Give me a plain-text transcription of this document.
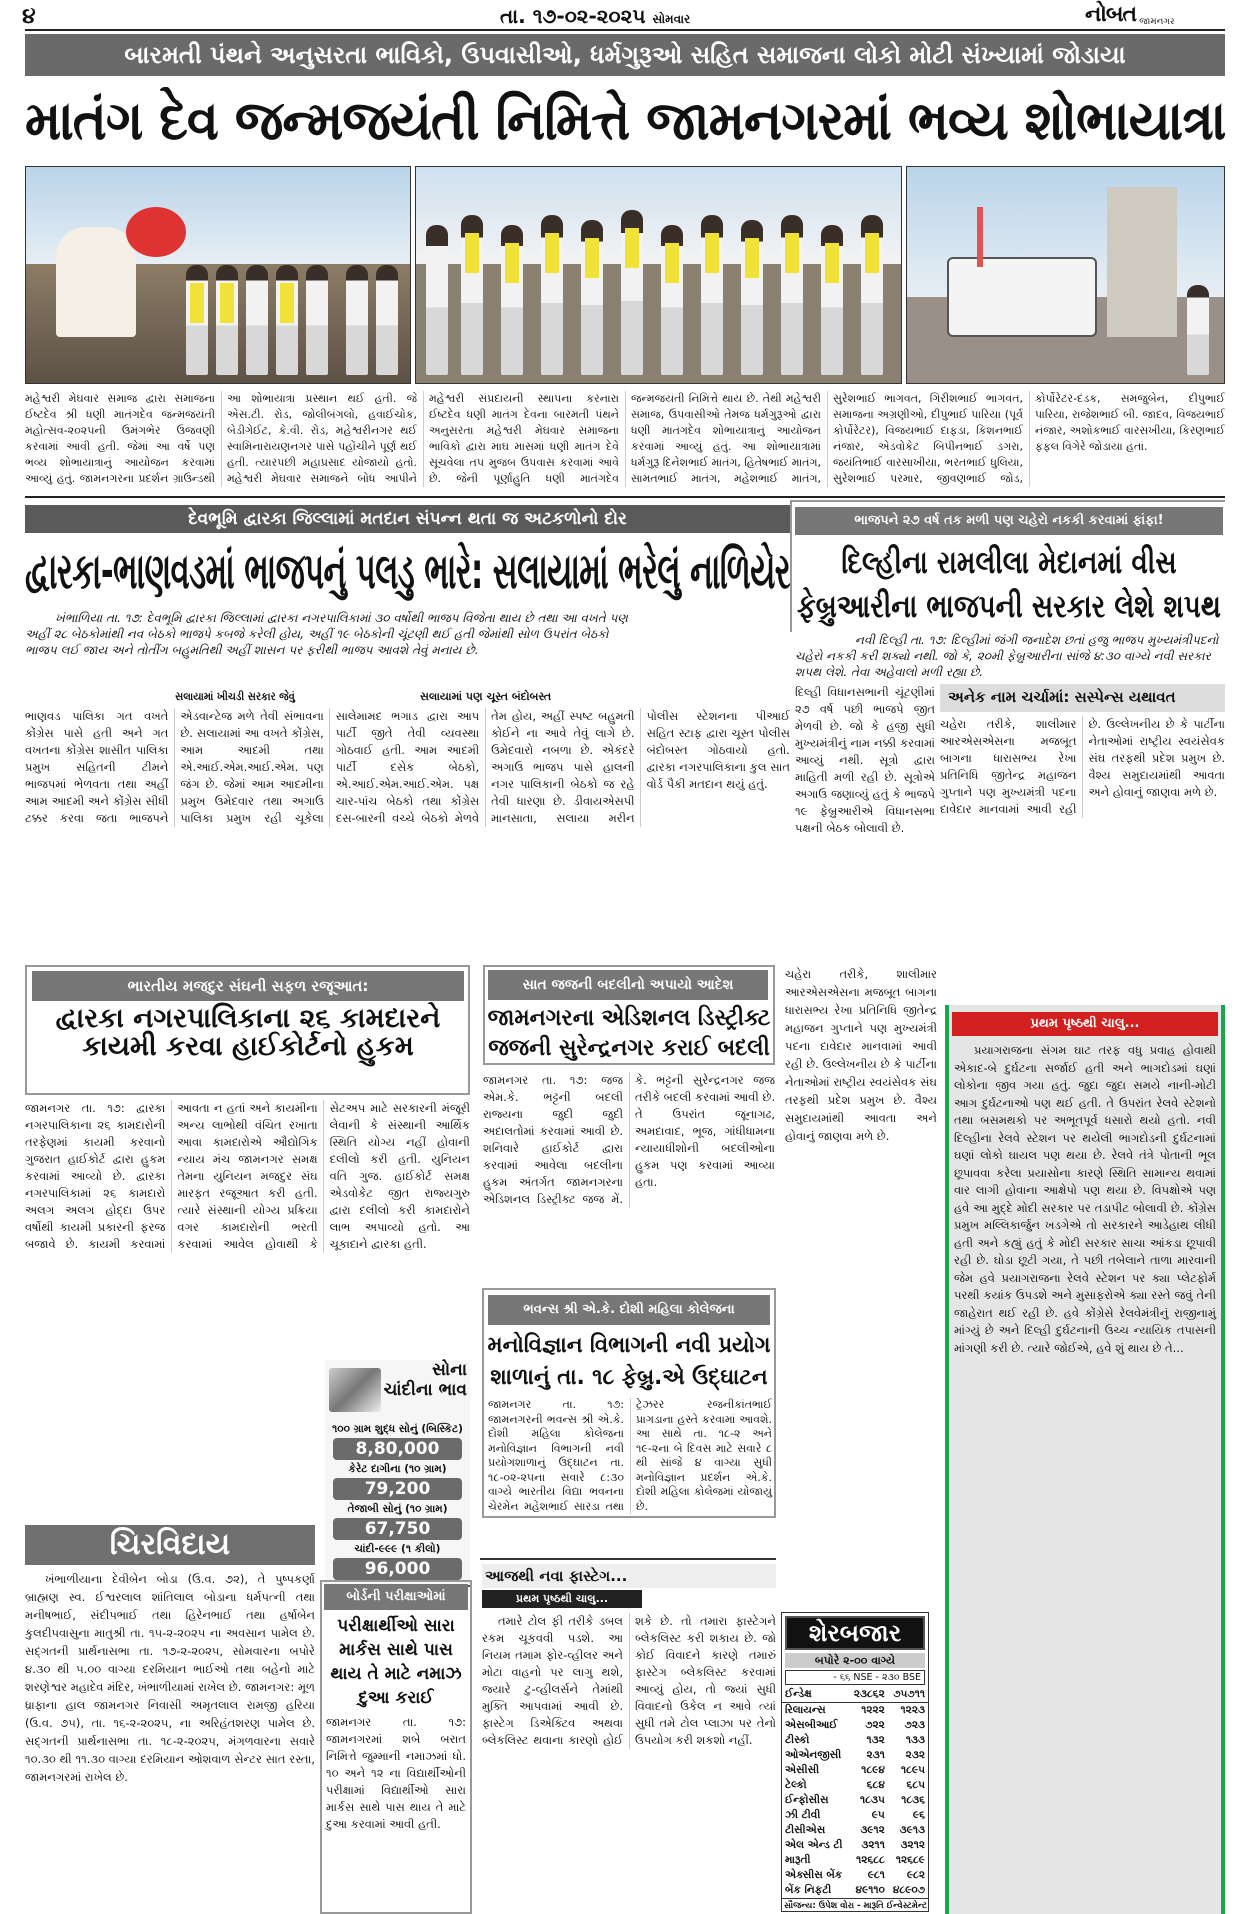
૪	તા. ૧૭-૦૨-૨૦૨૫ સોમવાર	નોબત જામનગર
બારમતી પંથને અનુસરતા ભાવિકો, ઉપવાસીઓ, ધર્મગુરૂઓ સહિત સમાજના લોકો મોટી સંખ્યામાં જોડાયા
માતંગ દેવ જન્મજયંતી નિમિત્તે જામનગરમાં ભવ્ય શોભાયાત્રા
મહેશ્વરી મેઘવાર સમાજ દ્વારા સમાજના ઈષ્ટદેવ શ્રી ધણી માતંગદેવ જન્મજયંતી મહોત્સવ-૨૦૨૫ની ઉમંગભેર ઉજવણી કરવામાં આવી હતી. જેમાં આ વર્ષે પણ ભવ્ય શોભાયાત્રાનું આયોજન કરવામાં આવ્યું હતું. જામનગરના પ્રદર્શન ગ્રાઉન્ડથી આ શોભાયાત્રા પ્રસ્થાન થઈ હતી. જે એસ.ટી. રોડ, જોલીબંગલો, હવાઈચોક, બેડીગેઈટ, કે.વી. રોડ, મહેશ્વરીનગર થઈ સ્વામિનારાયણનગર પાસે પહોંચીને પૂર્ણ થઈ હતી. ત્યારપછી મહાપ્રસાદ યોજાયો હતો. મહેશ્વરી મેઘવાર સમાજને બોધ આપીને મહેશ્વરી સંપ્રદાયની સ્થાપના કરનારા ઈષ્ટદેવ ધણી માતંગ દેવના બારમતી પંથને અનુસરતા મહેશ્વરી મેઘવાર સમાજના ભાવિકો દ્વારા માઘ માસમાં ધણી માતંગ દેવે સૂચવેલા તપ મુજબ ઉપવાસ કરવામાં આવે છે. જેની પૂર્ણાહુતિ ધણી માતંગદેવ જન્મજયંતી નિમિત્તે થાય છે. તેથી મહેશ્વરી સમાજ, ઉપવાસીઓ તેમજ ધર્મગુરૂઓ દ્વારા ધણી માતંગદેવ શોભાયાત્રાનું આયોજન કરવામાં આવ્યું હતું. આ શોભાયાત્રામાં ધર્મગુરૂ દિનેશભાઈ માતંગ, હિતેષભાઈ માતંગ, સામતભાઈ માતંગ, મહેશભાઈ માતંગ, સુરેશભાઈ ભાગવત, ગિરીશભાઈ ભાગવત, સમાજના અગ્રણીઓ, દીપુભાઈ પારિયા (પૂર્વ કોર્પોરેટર), વિજયભાઈ દાફડા, કિશનભાઈ નંજાર, એડવોકેટ બિપીનભાઈ ડગરા, જયંતિભાઈ વારસાખીયા, ભરતભાઈ ધુલિયા, સુરેશભાઈ પરમાર, જીવણભાઈ જોડ, કોર્પોરેટર-દંડક, સમજુબેન, દીપુભાઈ પારિયા, રાજેશભાઈ બી. જાદવ, વિજયભાઈ નંજાર, અશોકભાઈ વારસખીયા, કિરણભાઈ ફફલ વિગેરે જોડાયા હતાં.
દેવભૂમિ દ્વારકા જિલ્લામાં મતદાન સંપન્ન થતા જ અટકળોનો દોર
દ્વારકા-ભાણવડમાં ભાજપનું પલડુ ભારે: સલાયામાં ભરેલું નાળિયેર
ખંભાળિયા તા. ૧૭: દેવભૂમિ દ્વારકા જિલ્લામાં દ્વારકા નગરપાલિકામાં ૩૦ વર્ષોથી ભાજપ વિજેતા થાય છે તથા આ વખતે પણ અહીં ૨૮ બેઠકોમાંથી નવ બેઠકો ભાજપે કબજે કરેલી હોય, અહીં ૧૯ બેઠકોની ચૂંટણી થઈ હતી જેમાંથી સોળ ઉપરાંત બેઠકો ભાજપ લઈ જાય અને તોતીંગ બહુમતિથી અહીં શાસન પર ફરીથી ભાજપ આવશે તેવું મનાય છે.
સલાયામાં ખીચડી સરકાર જેવું	સલાયામાં પણ ચૂસ્ત બંદોબસ્ત
ભાણવડ પાલિકા ગત વખતે કોંગ્રેસ પાસે હતી અને ગત વખતના કોંગ્રેસ શાસીત પાલિકા પ્રમુખ સહિતની ટીમને ભાજપમાં ભેળવતા તથા અહીં આમ આદમી અને કોંગ્રેસ સીધી ટક્કર કરવા જતા ભાજપને એડવાન્ટેજ મળે તેવી સંભાવના છે. સલાયામાં આ વખતે કોંગ્રેસ, આમ આદમી તથા એ.આઈ.એમ.આઈ.એમ. પણ જંગ છે. જેમાં આમ આદમીના પ્રમુખ ઉમેદવાર તથા અગાઉ પાલિકા પ્રમુખ રહી ચૂકેલા સાલેમામદ ભગાડ દ્વારા આપ પાર્ટી જીતે તેવી વ્યવસ્થા ગોઠવાઈ હતી. આમ આદમી પાર્ટી દસેક બેઠકો, એ.આઈ.એમ.આઈ.એમ. પક્ષ ચાર-પાંચ બેઠકો તથા કોંગ્રેસ દસ-બારની વચ્ચે બેઠકો મેળવે તેમ હોય, અહીં સ્પષ્ટ બહુમતી કોઈને ના આવે તેવું લાગે છે. ઉમેદવારો નબળા છે. એકંદરે અગાઉ ભાજપ પાસે હાલની નગર પાલિકાની બેઠકો જ રહે તેવી ધારણા છે. ડીવાયએસપી માનસાતા, સલાયા મરીન પોલીસ સ્ટેશનના પીઆઈ સહિત સ્ટાફ દ્વારા ચૂસ્ત પોલીસ બંદોબસ્ત ગોઠવાયો હતો. દ્વારકા નગરપાલિકાના કુલ સાત વોર્ડ પૈકી મતદાન થયું હતું.
ભાજપને ૨૭ વર્ષ તક મળી પણ ચહેરો નકકી કરવામાં ફાંફા!
દિલ્હીના રામલીલા મેદાનમાં વીસ ફેબ્રુઆરીના ભાજપની સરકાર લેશે શપથ
નવી દિલ્હી તા. ૧૭: દિલ્હીમાં જંગી જનાદેશ છતાં હજુ ભાજપ મુખ્યમંત્રીપદનો ચહેરો નકકી કરી શક્યો નથી. જો કે, ૨૦મી ફેબ્રુઆરીના સાંજે ૪:૩૦ વાગ્યે નવી સરકાર શપથ લેશે. તેવા અહેવાલો મળી રહ્યા છે.
દિલ્હી વિધાનસભાની ચૂંટણીમાં ૨૭ વર્ષ પછી ભાજપે જીત મેળવી છે. જો કે હજી સુધી મુખ્યમંત્રીનું નામ નક્કી કરવામાં આવ્યું નથી. સૂત્રો દ્વારા માહિતી મળી રહી છે. સૂત્રોએ અગાઉ જણાવ્યું હતું કે ભાજપે ૧૯ ફેબ્રુઆરીએ વિધાનસભા પક્ષની બેઠક બોલાવી છે.
અનેક નામ ચર્ચામાં: સસ્પેન્સ યથાવત
ચહેરા તરીકે, શાલીમાર આરએસએસના મજબૂત બાગના ધારાસભ્ય રેખા પ્રતિનિધિ જીતેન્દ્ર મહાજન ગુપ્તાને પણ મુખ્યમંત્રી પદના દાવેદાર માનવામાં આવી રહી છે. ઉલ્લેખનીય છે કે પાર્ટીના નેતાઓમાં રાષ્ટ્રીય સ્વયંસેવક સંઘ તરફથી પ્રદેશ પ્રમુખ છે. વૈશ્ય સમુદાયમાંથી આવતા અને હોવાનું જાણવા મળે છે.
ભારતીય મજદુર સંઘની સફળ રજૂઆત:
દ્વારકા નગરપાલિકાના ૨૬ કામદારને કાયમી કરવા હાઈકોર્ટનો હુકમ
જામનગર તા. ૧૭: દ્વારકા નગરપાલિકાના ૨૬ કામદારોની તરફેણમાં કાયમી કરવાનો ગુજરાત હાઈકોર્ટ દ્વારા હુકમ કરવામાં આવ્યો છે. દ્વારકા નગરપાલિકામાં ૨૬ કામદારો અલગ અલગ હોદ્દા ઉપર વર્ષોથી કાયમી પ્રકારની ફરજ બજાવે છે. કાયમી કરવામાં આવતા ન હતાં અને કાયમીના અન્ય લાભોથી વંચિત રખાતા આવા કામદારોએ ઔદ્યોગિક ન્યાય મંચ જામનગર સમક્ષ તેમના યુનિયન મજદુર સંઘ મારફત રજૂઆત કરી હતી. ત્યારે સંસ્થાની યોગ્ય પ્રક્રિયા વગર કામદારોની ભરતી કરવામાં આવેલ હોવાથી કે સેટઅપ માટે સરકારની મંજૂરી લેવાની કે સંસ્થાની આર્થિક સ્થિતિ યોગ્ય નહીં હોવાની દલીલો કરી હતી. યુનિયન વતિ ગુજ. હાઈકોર્ટ સમક્ષ એડવોકેટ જીત રાજ્યગુરુ દ્વારા દલીલો કરી કામદારોને લાભ અપાવ્યો હતો. આ ચૂકાદાને દ્વારકા હતી.
સાત જજની બદલીનો અપાયો આદેશ
જામનગરના એડિશનલ ડિસ્ટ્રીક્ટ જજની સુરેન્દ્રનગર કરાઈ બદલી
જામનગર તા. ૧૭: જજ એમ.કે. ભટ્ટની બદલી રાજ્યના જુદી જુદી અદાલતોમાં કરવામાં આવી છે. શનિવારે હાઈકોર્ટ દ્વારા કરવામાં આવેલા બદલીના હુકમ અંતર્ગત જામનગરના એડિશનલ ડિસ્ટ્રીક્ટ જજ મેં. કે. ભટ્ટની સુરેન્દ્રનગર જજ તરીકે બદલી કરવામાં આવી છે. તે ઉપરાંત જૂનાગઢ, અમદાવાદ, ભૂજ, ગાંધીધામના ન્યાયાધીશોની બદલીઓના હુકમ પણ કરવામાં આવ્યા હતા.
ભવન્સ શ્રી એ.કે. દોશી મહિલા કોલેજના
મનોવિજ્ઞાન વિભાગની નવી પ્રયોગ શાળાનું તા. ૧૮ ફેબ્રુ.એ ઉદ્ઘાટન
જામનગર તા. ૧૭: જામનગરની ભવન્સ શ્રી એ.કે. દોશી મહિલા કોલેજના મનોવિજ્ઞાન વિભાગની નવી પ્રયોગશાળાનું ઉદ્ઘાટન તા. ૧૮-૦૨-૨૫ના સવારે ૮:૩૦ વાગ્યે ભારતીય વિદ્યા ભવનના ચેરમેન મહેશભાઈ સારડા તથા ટ્રેઝરર રજનીકાંતભાઈ પ્રાગડાના હસ્તે કરવામાં આવશે. આ સાથે તા. ૧૮-૨ અને ૧૯-૨ના બે દિવસ માટે સવારે ૮ થી સાંજે ૪ વાગ્યા સુધી મનોવિજ્ઞાન પ્રદર્શન એ.કે. દોશી મહિલા કોલેજમાં યોજાયું છે.
સોના ચાંદીના ભાવ
૧૦૦ ગ્રામ શુદ્ધ સોનું (બિસ્કિટ)
8,80,000
કેરેટ દાગીના (૧૦ ગ્રામ)
79,200
તેજાબી સોનું (૧૦ ગ્રામ)
67,750
ચાંદી-૯૯૯ (૧ કીલો)
96,000
ચિરવિદાય
ખંભાળીયાના દેવીબેન બોડા (ઉ.વ. ૭૨), તે પુષ્પકર્ણા બ્રાહ્મણ સ્વ. ઈશ્વરલાલ શાંતિલાલ બોડાના ધર્મપત્ની તથા મનીષભાઈ, સંદીપભાઈ તથા હિરેનભાઈ તથા હર્ષાબેન કુલદીપવાસુના માતુશ્રી તા. ૧૫-૨-૨૦૨૫ ના અવસાન પામેલ છે. સદ્ગતની પ્રાર્થનાસભા તા. ૧૭-૨-૨૦૨૫, સોમવારના બપોરે ૪.૩૦ થી ૫.૦૦ વાગ્યા દરમિયાન ભાઈઓ તથા બહેનો માટે શરણેશ્વર મહાદેવ મંદિર, ખંભાળીયામાં રાખેલ છે. જામનગર: મૂળ ધ્રાફાના હાલ જામનગર નિવાસી અમૃતલાલ રામજી હરિયા (ઉ.વ. ૭૫), તા. ૧૬-૨-૨૦૨૫, ના અરિહંતશરણ પામેલ છે. સદ્ગતની પ્રાર્થનાસભા તા. ૧૮-૨-૨૦૨૫, મંગળવારના સવારે ૧૦.૩૦ થી ૧૧.૩૦ વાગ્યા દરમિયાન ઓશવાળ સેન્ટર સાત રસ્તા, જામનગરમાં રાખેલ છે.
બોર્ડની પરીક્ષાઓમાં
પરીક્ષાર્થીઓ સારા માર્કસ સાથે પાસ થાય તે માટે નમાઝ દુઆ કરાઈ
જામનગર તા. ૧૭: જામનગરમાં શબે બરાત નિમિત્તે જુમ્માની નમાઝમાં ધો. ૧૦ અને ૧૨ ના વિદ્યાર્થીઓની પરીક્ષામાં વિદ્યાર્થીઓ સારા માર્કસ સાથે પાસ થાય તે માટે દુઆ કરવામાં આવી હતી.
આજથી નવા ફાસ્ટેગ...
પ્રથમ પૃષ્ઠથી ચાલુ...
તમારે ટોલ ફી તરીકે ડબલ રકમ ચૂકવવી પડશે. આ નિયમ તમામ ફોર-વ્હીલર અને મોટા વાહનો પર લાગુ થશે, જ્યારે ટુ-વ્હીલર્સને તેમાંથી મુક્તિ આપવામાં આવી છે. ફાસ્ટેગ ડિએક્ટિવ અથવા બ્લેકલિસ્ટ થવાના કારણો હોઈ શકે છે. તો તમારા ફાસ્ટેગને બ્લેકલિસ્ટ કરી શકાય છે. જો કોઈ વિવાદને કારણે તમારું ફાસ્ટેગ બ્લેકલિસ્ટ કરવામાં આવ્યું હોય, તો જ્યાં સુધી વિવાદનો ઉકેલ ન આવે ત્યાં સુધી તમે ટોલ પ્લાઝા પર તેનો ઉપયોગ કરી શકશો નહીં.
પ્રથમ પૃષ્ઠથી ચાલુ...
પ્રયાગરાજના સંગમ ઘાટ તરફ વધુ પ્રવાહ હોવાથી એકાદ-બે દુર્ઘટના સર્જાઈ હતી અને ભાગદોડમાં ઘણાં લોકોના જીવ ગયા હતું. જુદા જુદા સમયે નાની-મોટી આગ દુર્ઘટનાઓ પણ થઈ હતી. તે ઉપરાંત રેલવે સ્ટેશનો તથા બસમથકો પર અભૂતપૂર્વ ધસારો થયો હતો. નવી દિલ્હીના રેલવે સ્ટેશન પર થયેલી ભાગદોડની દુર્ઘટનામાં ઘણાં લોકો ઘાયલ પણ થયા છે. રેલવે તંત્રે પોતાની ભૂલ છૂપાવવા કરેલા પ્રયાસોના કારણે સ્થિતિ સામાન્ય થવામાં વાર લાગી હોવાના આક્ષેપો પણ થયા છે. વિપક્ષોએ પણ હવે આ મુદ્દે મોદી સરકાર પર તડાપીટ બોલાવી છે. કોંગ્રેસ પ્રમુખ મલ્લિકાર્જુન ખડગેએ તો સરકારને આડેહાથ લીધી હતી અને કહ્યું હતું કે મોદી સરકાર સાચા આંકડા છૂપાવી રહી છે. ઘોડા છૂટી ગયા, તે પછી તબેલાને તાળા મારવાની જેમ હવે પ્રયાગરાજના રેલવે સ્ટેશન પર ક્યા પ્લેટફોર્મ પરથી કયાંક ઉપડશે અને મુસાફરોએ ક્યા રસ્તે જવું તેની જાહેરાત થઈ રહી છે. હવે કોંગ્રેસે રેલવેમંત્રીનું રાજીનામું માંગ્યું છે અને દિલ્હી દુર્ઘટનાની ઉચ્ચ ન્યાયિક તપાસની માંગણી કરી છે. ત્યારે જોઈએ, હવે શું થાય છે તે...
ચહેરા તરીકે, શાલીમાર આરએસએસના મજબૂત બાગના ધારાસભ્ય રેખા પ્રતિનિધિ જીતેન્દ્ર મહાજન ગુપ્તાને પણ મુખ્યમંત્રી પદના દાવેદાર માનવામાં આવી રહી છે. ઉલ્લેખનીય છે કે પાર્ટીના નેતાઓમાં રાષ્ટ્રીય સ્વયંસેવક સંઘ તરફથી પ્રદેશ પ્રમુખ છે. વૈશ્ય સમુદાયમાંથી આવતા અને હોવાનું જાણવા મળે છે.
શેરબજાર
બપોરે ૨-૦૦ વાગ્યે
- ૬૬ NSE - ૨૩૦ BSE
ઈન્ડેક્ષ	૨૩૮૬૨	૭૫૭૧૧
રિલાયન્સ	૧૨૨૨	૧૨૨૩
એસબીઆઈ	૭૨૨	૭૨૩
ટીસ્કો	૧૩૨	૧૩૩
ઓએનજીસી	૨૩૧	૨૩૨
એસીસી	૧૮૯૪	૧૮૯૫
ટેલ્કો	૬૮૪	૬૮૫
ઈન્ફોસીસ	૧૮૩૫	૧૮૩૬
ઝી ટીવી	૯૫	૯૬
ટીસીએસ	૩૯૧૨	૩૯૧૩
એલ એન્ડ ટી	૩૨૧૧	૩૨૧૨
મારૂતી	૧૨૬૮૮	૧૨૬૮૯
એક્સીસ બેંક	૯૮૧	૯૮૨
બેંક નિફટી	૪૯૧૧૦	૪૮૯૦૭
સૌજન્ય: ઉપેશ વોરા - મારૂતિ ઈન્વેસ્ટમેન્ટ
